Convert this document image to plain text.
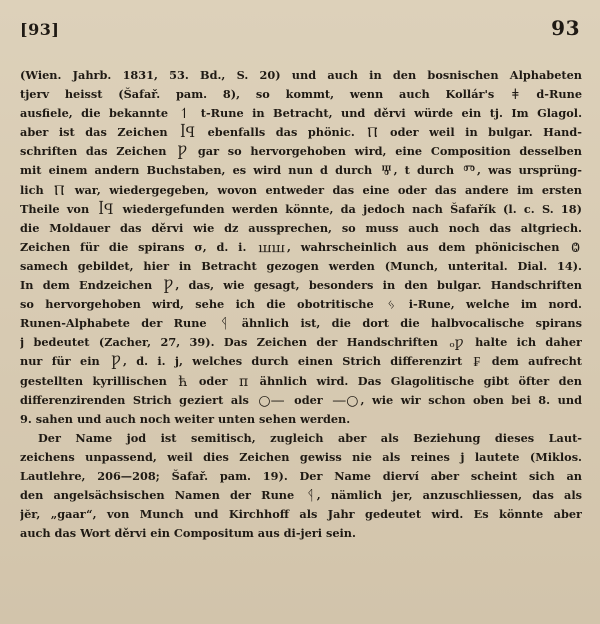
[93]	93
(Wien. Jahrb. 1831, 53. Bd., S. 20) und auch in den bosnischen Alphabeten
tjerv heisst (Šafař. pam. 8), so kommt, wenn auch Kollár's ǂ d-Rune
ausfiele, die bekannte ↿ t-Rune in Betracht, und děrvi würde ein tj. Im Glagol.
aber ist das Zeichen ꟾꟼ ebenfalls das phönic. Ⲡ oder weil in bulgar. Hand-
schriften das Zeichen Ƿ gar so hervorgehoben wird, eine Composition desselben
mit einem andern Buchstaben, es wird nun d durch Ⱋ , t durch Ⱅ , was ursprüng-
lich Ⲡ war, wiedergegeben, wovon entweder das eine oder das andere im ersten
Theile von ꟾꟼ wiedergefunden werden könnte, da jedoch nach Šafařík (l. c. S. 18)
die Moldauer das děrvi wie dz aussprechen, so muss auch noch das altgriech.
Zeichen für die spirans σ, d. i. ꟺꟺ , wahrscheinlich aus dem phönicischen Ⱉ
samech gebildet, hier in Betracht gezogen werden (Munch, unterital. Dial. 14).
In dem Endzeichen Ƿ , das, wie gesagt, besonders in den bulgar. Handschriften
so hervorgehoben wird, sehe ich die obotritische ᛃ i-Rune, welche im nord.
Runen-Alphabete der Rune ᛩ ähnlich ist, die dort die halbvocalische spirans
j bedeutet (Zacher, 27, 39). Das Zeichen der Handschriften ₒƿ halte ich daher
nur für ein Ƿ , d. i. j, welches durch einen Strich differenzirt ₣ dem aufrecht
gestellten kyrillischen ћ oder ᴨ ähnlich wird. Das Glagolitische gibt öfter den
differenzirenden Strich geziert als ○— oder —○ , wie wir schon oben bei 8. und
9. sahen und auch noch weiter unten sehen werden.
Der Name jod ist semitisch, zugleich aber als Beziehung dieses Laut-
zeichens unpassend, weil dies Zeichen gewiss nie als reines j lautete (Miklos.
Lautlehre, 206—208; Šafař. pam. 19). Der Name dierví aber scheint sich an
den angelsächsischen Namen der Rune ᛩ , nämlich jer, anzuschliessen, das als
jĕr, „gaar“, von Munch und Kirchhoff als Jahr gedeutet wird. Es könnte aber
auch das Wort děrvi ein Compositum aus di-jeri sein.
